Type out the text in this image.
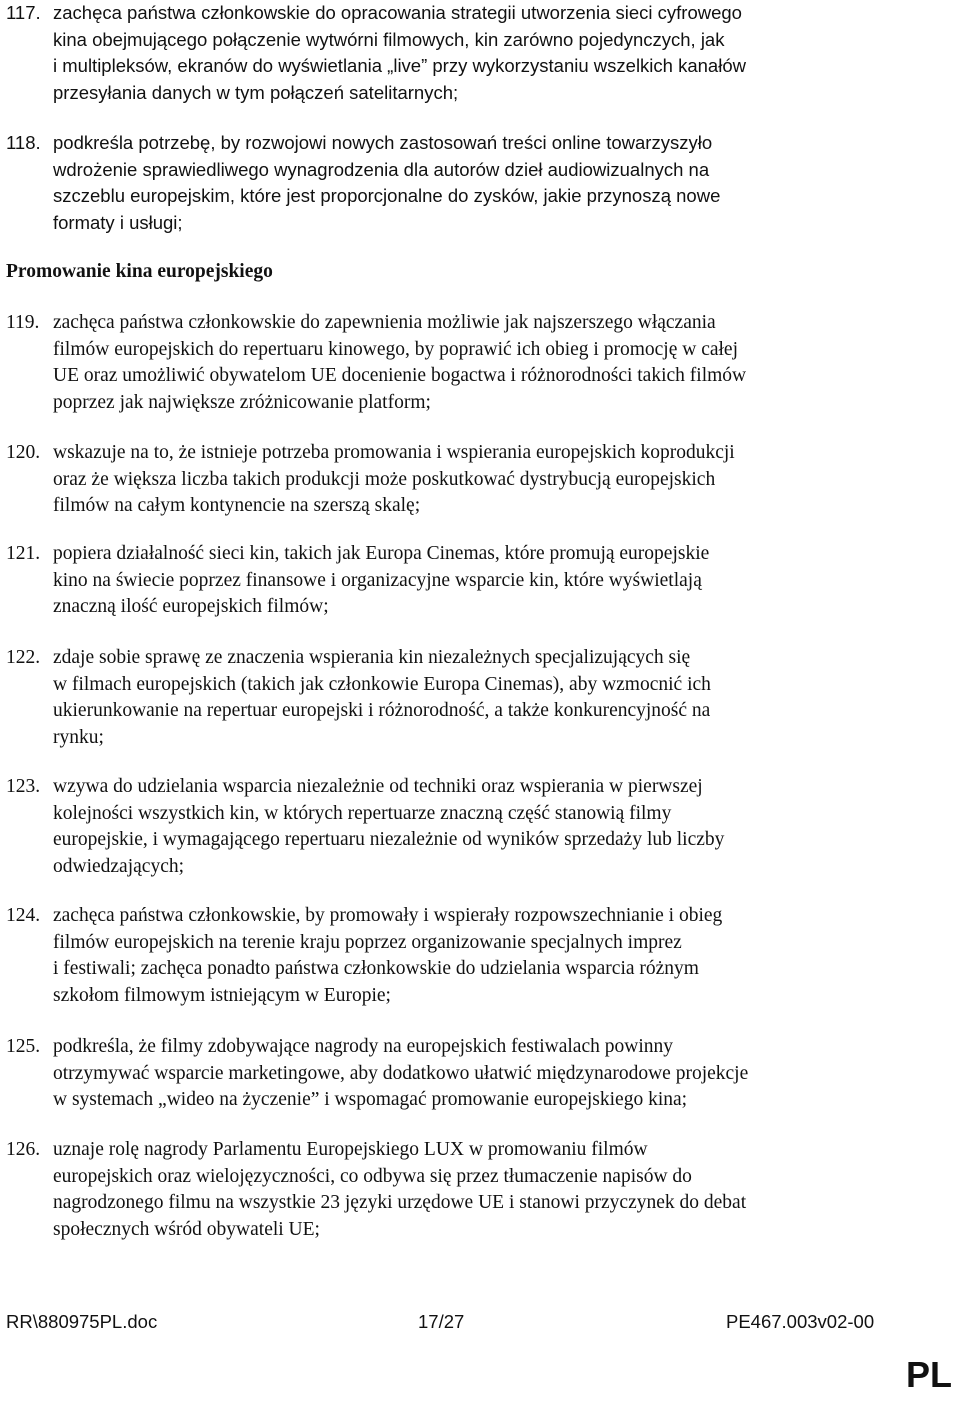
117. zachęca państwa członkowskie do opracowania strategii utworzenia sieci cyfrowego
kina obejmującego połączenie wytwórni filmowych, kin zarówno pojedynczych, jak
i multipleksów, ekranów do wyświetlania „live” przy wykorzystaniu wszelkich kanałów
przesyłania danych w tym połączeń satelitarnych;
118. podkreśla potrzebę, by rozwojowi nowych zastosowań treści online towarzyszyło
wdrożenie sprawiedliwego wynagrodzenia dla autorów dzieł audiowizualnych na
szczeblu europejskim, które jest proporcjonalne do zysków, jakie przynoszą nowe
formaty i usługi;
Promowanie kina europejskiego
119. zachęca państwa członkowskie do zapewnienia możliwie jak najszerszego włączania
filmów europejskich do repertuaru kinowego, by poprawić ich obieg i promocję w całej
UE oraz umożliwić obywatelom UE docenienie bogactwa i różnorodności takich filmów
poprzez jak największe zróżnicowanie platform;
120. wskazuje na to, że istnieje potrzeba promowania i wspierania europejskich koprodukcji
oraz że większa liczba takich produkcji może poskutkować dystrybucją europejskich
filmów na całym kontynencie na szerszą skalę;
121. popiera działalność sieci kin, takich jak Europa Cinemas, które promują europejskie
kino na świecie poprzez finansowe i organizacyjne wsparcie kin, które wyświetlają
znaczną ilość europejskich filmów;
122. zdaje sobie sprawę ze znaczenia wspierania kin niezależnych specjalizujących się
w filmach europejskich (takich jak członkowie Europa Cinemas), aby wzmocnić ich
ukierunkowanie na repertuar europejski i różnorodność, a także konkurencyjność na
rynku;
123. wzywa do udzielania wsparcia niezależnie od techniki oraz wspierania w pierwszej
kolejności wszystkich kin, w których repertuarze znaczną część stanowią filmy
europejskie, i wymagającego repertuaru niezależnie od wyników sprzedaży lub liczby
odwiedzających;
124. zachęca państwa członkowskie, by promowały i wspierały rozpowszechnianie i obieg
filmów europejskich na terenie kraju poprzez organizowanie specjalnych imprez
i festiwali; zachęca ponadto państwa członkowskie do udzielania wsparcia różnym
szkołom filmowym istniejącym w Europie;
125. podkreśla, że filmy zdobywające nagrody na europejskich festiwalach powinny
otrzymywać wsparcie marketingowe, aby dodatkowo ułatwić międzynarodowe projekcje
w systemach „wideo na życzenie” i wspomagać promowanie europejskiego kina;
126. uznaje rolę nagrody Parlamentu Europejskiego LUX w promowaniu filmów
europejskich oraz wielojęzyczności, co odbywa się przez tłumaczenie napisów do
nagrodzonego filmu na wszystkie 23 języki urzędowe UE i stanowi przyczynek do debat
społecznych wśród obywateli UE;
RR\880975PL.doc	17/27	PE467.003v02-00
PL
